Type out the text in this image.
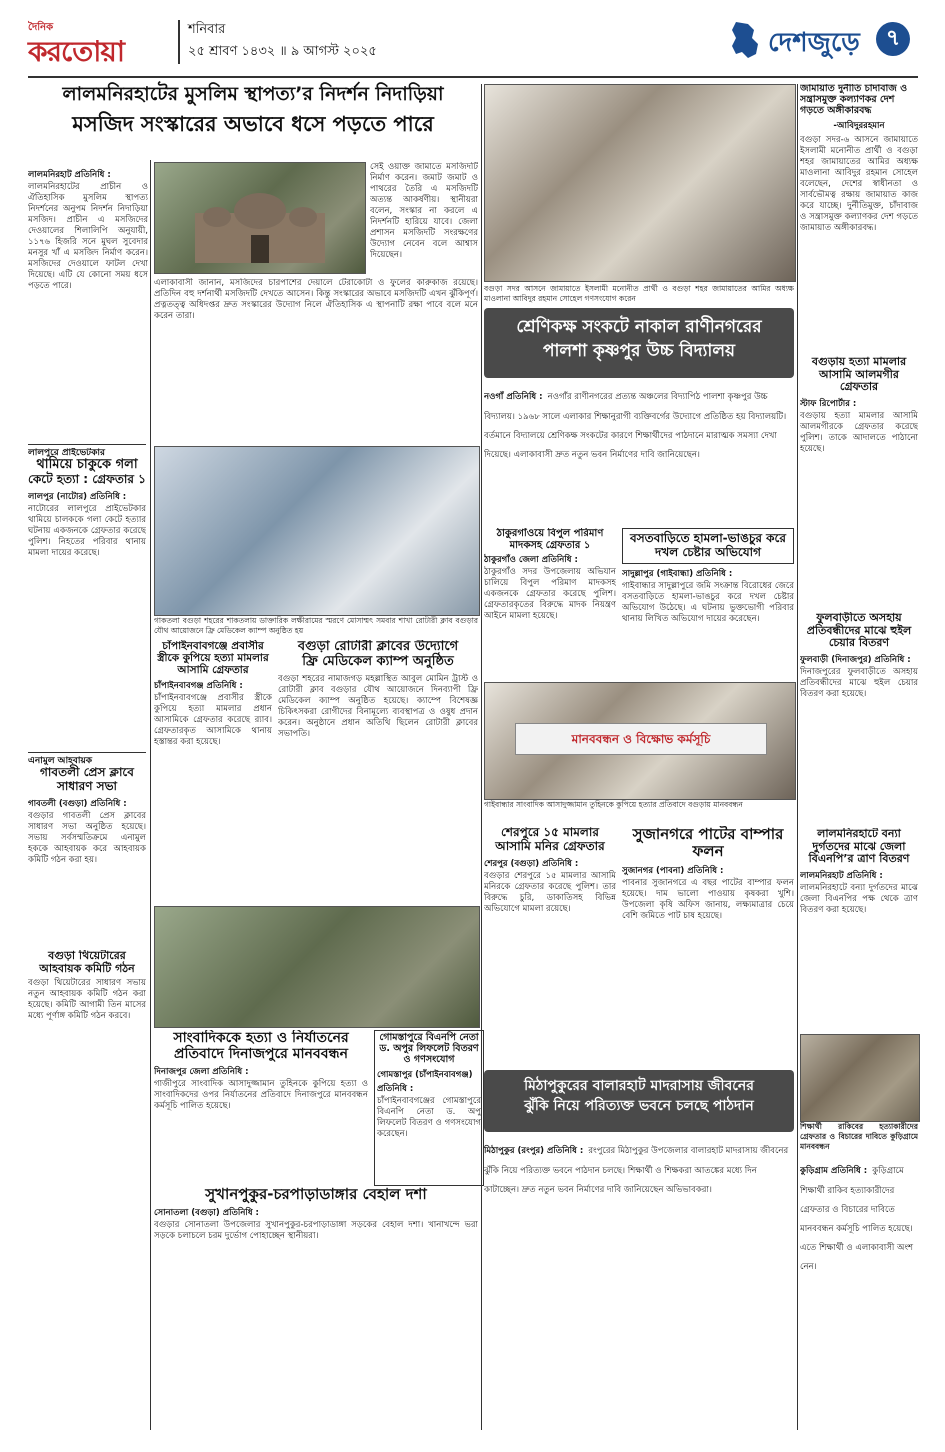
দৈনিক
করতোয়া
শনিবার
২৫ শ্রাবণ ১৪৩২ ॥ ৯ আগস্ট ২০২৫	দেশজুড়ে	৭
লালমনিরহাটের মুসলিম স্থাপত্য’র নিদর্শন নিদাড়িয়া
মসজিদ সংস্কারের অভাবে ধসে পড়তে পারে
লালমনিরহাট প্রতিনিধি :
লালমনিরহাটের প্রাচীন ও ঐতিহাসিক মুসলিম স্থাপত্য নিদর্শনের অনুপম নিদর্শন নিদাড়িয়া মসজিদ। প্রাচীন এ মসজিদের দেওয়ালের শিলালিপি অনুযায়ী, ১১৭৬ হিজরি সনে মুঘল সুবেদার মনসুর খাঁ এ মসজিদ নির্মাণ করেন। মসজিদের দেওয়ালে ফাটল দেখা দিয়েছে। এটি যে কোনো সময় ধসে পড়তে পারে।
সেই ওয়াক্ত জামাতে মসজিদটি নির্মাণ করেন। জমাট জমাট ও পাথরের তৈরি এ মসজিদটি অত্যন্ত আকর্ষণীয়। স্থানীয়রা বলেন, সংস্কার না করলে এ নিদর্শনটি হারিয়ে যাবে। জেলা প্রশাসন মসজিদটি সংরক্ষণের উদ্যোগ নেবেন বলে আশ্বাস দিয়েছেন।
এলাকাবাসী জানান, মসজিদের চারপাশের দেয়ালে টেরাকোটা ও ফুলের কারুকাজ রয়েছে। প্রতিদিন বহু দর্শনার্থী মসজিদটি দেখতে আসেন। কিন্তু সংস্কারের অভাবে মসজিদটি এখন ঝুঁকিপূর্ণ। প্রত্নতত্ত্ব অধিদপ্তর দ্রুত সংস্কারের উদ্যোগ নিলে ঐতিহাসিক এ স্থাপনাটি রক্ষা পাবে বলে মনে করেন তারা।
বগুড়া সদর আসনে জামায়াতে ইসলামী মনোনীত প্রার্থী ও বগুড়া শহর জামায়াতের আমির অধ্যক্ষ মাওলানা আবিদুর রহমান সোহেল গণসংযোগ করেন
জামায়াত দুর্নীতি চাঁদাবাজ ও সন্ত্রাসমুক্ত কল্যাণকর দেশ গড়তে অঙ্গীকারবদ্ধ
-আবিদুররহমান
বগুড়া সদর-৬ আসনে জামায়াতে ইসলামী মনোনীত প্রার্থী ও বগুড়া শহর জামায়াতের আমির অধ্যক্ষ মাওলানা আবিদুর রহমান সোহেল বলেছেন, দেশের স্বাধীনতা ও সার্বভৌমত্ব রক্ষায় জামায়াত কাজ করে যাচ্ছে। দুর্নীতিমুক্ত, চাঁদাবাজ ও সন্ত্রাসমুক্ত কল্যাণকর দেশ গড়তে জামায়াত অঙ্গীকারবদ্ধ।
শ্রেণিকক্ষ সংকটে নাকাল রাণীনগরের
পালশা কৃষ্ণপুর উচ্চ বিদ্যালয়
নওগাঁ প্রতিনিধি : নওগাঁর রাণীনগরের প্রত্যন্ত অঞ্চলের বিদ্যাপিঠ পালশা কৃষ্ণপুর উচ্চ বিদ্যালয়। ১৯৬৮ সালে এলাকার শিক্ষানুরাগী ব্যক্তিবর্গের উদ্যোগে প্রতিষ্ঠিত হয় বিদ্যালয়টি। বর্তমানে বিদ্যালয়ে শ্রেণিকক্ষ সংকটের কারণে শিক্ষার্থীদের পাঠদানে মারাত্মক সমস্যা দেখা দিয়েছে। এলাকাবাসী দ্রুত নতুন ভবন নির্মাণের দাবি জানিয়েছেন।
বগুড়ায় হত্যা মামলার আসামি আলমগীর গ্রেফতার
স্টাফ রিপোর্টার :
বগুড়ায় হত্যা মামলার আসামি আলমগীরকে গ্রেফতার করেছে পুলিশ। তাকে আদালতে পাঠানো হয়েছে।
লালপুরে প্রাইভেটকার
থামিয়ে চাকুকে গলা
কেটে হত্যা : গ্রেফতার ১
লালপুর (নাটোর) প্রতিনিধি :
নাটোরের লালপুরে প্রাইভেটকার থামিয়ে চালককে গলা কেটে হত্যার ঘটনায় একজনকে গ্রেফতার করেছে পুলিশ। নিহতের পরিবার থানায় মামলা দায়ের করেছে।
গাকতলা বগুড়া শহরের শাকতলায় ডাক্তারিক লক্ষীরামের স্মরণে মোসাম্মৎ সমবার শাখা রোটারী ক্লাব বগুড়ার যৌথ আয়োজনে ফ্রি মেডিকেল ক্যাম্প অনুষ্ঠিত হয়
ঠাকুরগাঁওয়ে বিপুল পরিমাণ মাদকসহ গ্রেফতার ১
ঠাকুরগাঁও জেলা প্রতিনিধি :
ঠাকুরগাঁও সদর উপজেলায় অভিযান চালিয়ে বিপুল পরিমাণ মাদকসহ একজনকে গ্রেফতার করেছে পুলিশ। গ্রেফতারকৃতের বিরুদ্ধে মাদক নিয়ন্ত্রণ আইনে মামলা হয়েছে।
বসতবাড়িতে হামলা-ভাঙচুর করে দখল চেষ্টার অভিযোগ
সাদুল্লাপুর (গাইবান্ধা) প্রতিনিধি :
গাইবান্ধার সাদুল্লাপুরে জমি সংক্রান্ত বিরোধের জেরে বসতবাড়িতে হামলা-ভাঙচুর করে দখল চেষ্টার অভিযোগ উঠেছে। এ ঘটনায় ভুক্তভোগী পরিবার থানায় লিখিত অভিযোগ দায়ের করেছেন।
মানববন্ধন ও বিক্ষোভ কর্মসূচি
গাইবান্ধার সাংবাদিক আসাদুজ্জামান তুহিনকে কুপিয়ে হত্যার প্রতিবাদে বগুড়ায় মানববন্ধন
ফুলবাড়ীতে অসহায় প্রতিবন্ধীদের মাঝে হুইল চেয়ার বিতরণ
ফুলবাড়ী (দিনাজপুর) প্রতিনিধি :
দিনাজপুরের ফুলবাড়ীতে অসহায় প্রতিবন্ধীদের মাঝে হুইল চেয়ার বিতরণ করা হয়েছে।
চাঁপাইনবাবগঞ্জে প্রবাসীর স্ত্রীকে কুপিয়ে হত্যা মামলার আসামি গ্রেফতার
চাঁপাইনবাবগঞ্জ প্রতিনিধি :
চাঁপাইনবাবগঞ্জে প্রবাসীর স্ত্রীকে কুপিয়ে হত্যা মামলার প্রধান আসামিকে গ্রেফতার করেছে র‌্যাব। গ্রেফতারকৃত আসামিকে থানায় হস্তান্তর করা হয়েছে।
বগুড়া রোটারী ক্লাবের উদ্যোগে
ফ্রি মেডিকেল ক্যাম্প অনুষ্ঠিত
বগুড়া শহরের নামাজগড় মহল্লাস্থিত আবুল মোমিন ট্রাস্ট ও রোটারী ক্লাব বগুড়ার যৌথ আয়োজনে দিনব্যাপী ফ্রি মেডিকেল ক্যাম্প অনুষ্ঠিত হয়েছে। ক্যাম্পে বিশেষজ্ঞ চিকিৎসকরা রোগীদের বিনামূল্যে ব্যবস্থাপত্র ও ওষুধ প্রদান করেন। অনুষ্ঠানে প্রধান অতিথি ছিলেন রোটারী ক্লাবের সভাপতি।
এনামুল আহবায়ক
গাবতলী প্রেস ক্লাবে সাধারণ সভা
গাবতলী (বগুড়া) প্রতিনিধি :
বগুড়ার গাবতলী প্রেস ক্লাবের সাধারণ সভা অনুষ্ঠিত হয়েছে। সভায় সর্বসম্মতিক্রমে এনামুল হককে আহবায়ক করে আহবায়ক কমিটি গঠন করা হয়।
শেরপুরে ১৫ মামলার আসামি মনির গ্রেফতার
শেরপুর (বগুড়া) প্রতিনিধি :
বগুড়ার শেরপুরে ১৫ মামলার আসামি মনিরকে গ্রেফতার করেছে পুলিশ। তার বিরুদ্ধে চুরি, ডাকাতিসহ বিভিন্ন অভিযোগে মামলা রয়েছে।
সুজানগরে পাটের বাম্পার ফলন
সুজানগর (পাবনা) প্রতিনিধি :
পাবনার সুজানগরে এ বছর পাটের বাম্পার ফলন হয়েছে। দাম ভালো পাওয়ায় কৃষকরা খুশি। উপজেলা কৃষি অফিস জানায়, লক্ষ্যমাত্রার চেয়ে বেশি জমিতে পাট চাষ হয়েছে।
লালমনিরহাটে বন্যা দুর্গতদের মাঝে জেলা বিএনপি’র ত্রাণ বিতরণ
লালমনিরহাট প্রতিনিধি :
লালমনিরহাটে বন্যা দুর্গতদের মাঝে জেলা বিএনপির পক্ষ থেকে ত্রাণ বিতরণ করা হয়েছে।
বগুড়া থিয়েটারের আহবায়ক কমিটি গঠন
বগুড়া থিয়েটারের সাধারণ সভায় নতুন আহবায়ক কমিটি গঠন করা হয়েছে। কমিটি আগামী তিন মাসের মধ্যে পূর্ণাঙ্গ কমিটি গঠন করবে।
সাংবাদিককে হত্যা ও নির্যাতনের
প্রতিবাদে দিনাজপুরে মানববন্ধন
দিনাজপুর জেলা প্রতিনিধি :
গাজীপুরে সাংবাদিক আসাদুজ্জামান তুহিনকে কুপিয়ে হত্যা ও সাংবাদিকদের ওপর নির্যাতনের প্রতিবাদে দিনাজপুরে মানববন্ধন কর্মসূচি পালিত হয়েছে।
গোমস্তাপুরে বিএনপি নেতা ড. অপুর লিফলেট বিতরণ ও গণসংযোগ
গোমস্তাপুর (চাঁপাইনবাবগঞ্জ) প্রতিনিধি :
চাঁপাইনবাবগঞ্জের গোমস্তাপুরে বিএনপি নেতা ড. অপু লিফলেট বিতরণ ও গণসংযোগ করেছেন।
মিঠাপুকুরের বালারহাট মাদরাসায় জীবনের
ঝুঁকি নিয়ে পরিত্যক্ত ভবনে চলছে পাঠদান
মিঠাপুকুর (রংপুর) প্রতিনিধি : রংপুরের মিঠাপুকুর উপজেলার বালারহাট মাদরাসায় জীবনের ঝুঁকি নিয়ে পরিত্যক্ত ভবনে পাঠদান চলছে। শিক্ষার্থী ও শিক্ষকরা আতঙ্কের মধ্যে দিন কাটাচ্ছেন। দ্রুত নতুন ভবন নির্মাণের দাবি জানিয়েছেন অভিভাবকরা।
শিক্ষার্থী রাকিবের হত্যাকারীদের গ্রেফতার ও বিচারের দাবিতে কুড়িগ্রামে মানববন্ধন
কুড়িগ্রাম প্রতিনিধি : কুড়িগ্রামে শিক্ষার্থী রাকিব হত্যাকারীদের গ্রেফতার ও বিচারের দাবিতে মানববন্ধন কর্মসূচি পালিত হয়েছে। এতে শিক্ষার্থী ও এলাকাবাসী অংশ নেন।
সুখানপুকুর-চরপাড়াডাঙ্গার বেহাল দশা
সোনাতলা (বগুড়া) প্রতিনিধি :
বগুড়ার সোনাতলা উপজেলার সুখানপুকুর-চরপাড়াডাঙ্গা সড়কের বেহাল দশা। খানাখন্দে ভরা সড়কে চলাচলে চরম দুর্ভোগ পোহাচ্ছেন স্থানীয়রা।
